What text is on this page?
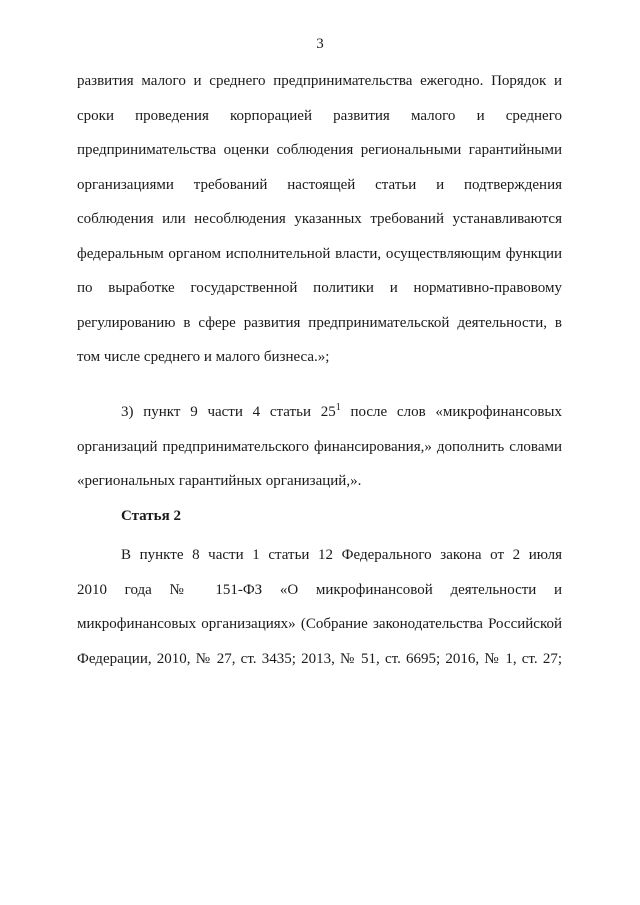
3
развития малого и среднего предпринимательства ежегодно. Порядок и
сроки проведения корпорацией развития малого и среднего
предпринимательства оценки соблюдения региональными гарантийными
организациями требований настоящей статьи и подтверждения
соблюдения или несоблюдения указанных требований устанавливаются
федеральным органом исполнительной власти, осуществляющим функции
по выработке государственной политики и нормативно-правовому
регулированию в сфере развития предпринимательской деятельности, в
том числе среднего и малого бизнеса.»;
3) пункт 9 части 4 статьи $25^1$ после слов «микрофинансовых
организаций предпринимательского финансирования,» дополнить словами
«региональных гарантийных организаций,».
Статья 2
В пункте 8 части 1 статьи 12 Федерального закона от 2 июля
2010 года № 151-ФЗ «О микрофинансовой деятельности и
микрофинансовых организациях» (Собрание законодательства Российской
Федерации, 2010, № 27, ст. 3435; 2013, № 51, ст. 6695; 2016, № 1, ст. 27;
